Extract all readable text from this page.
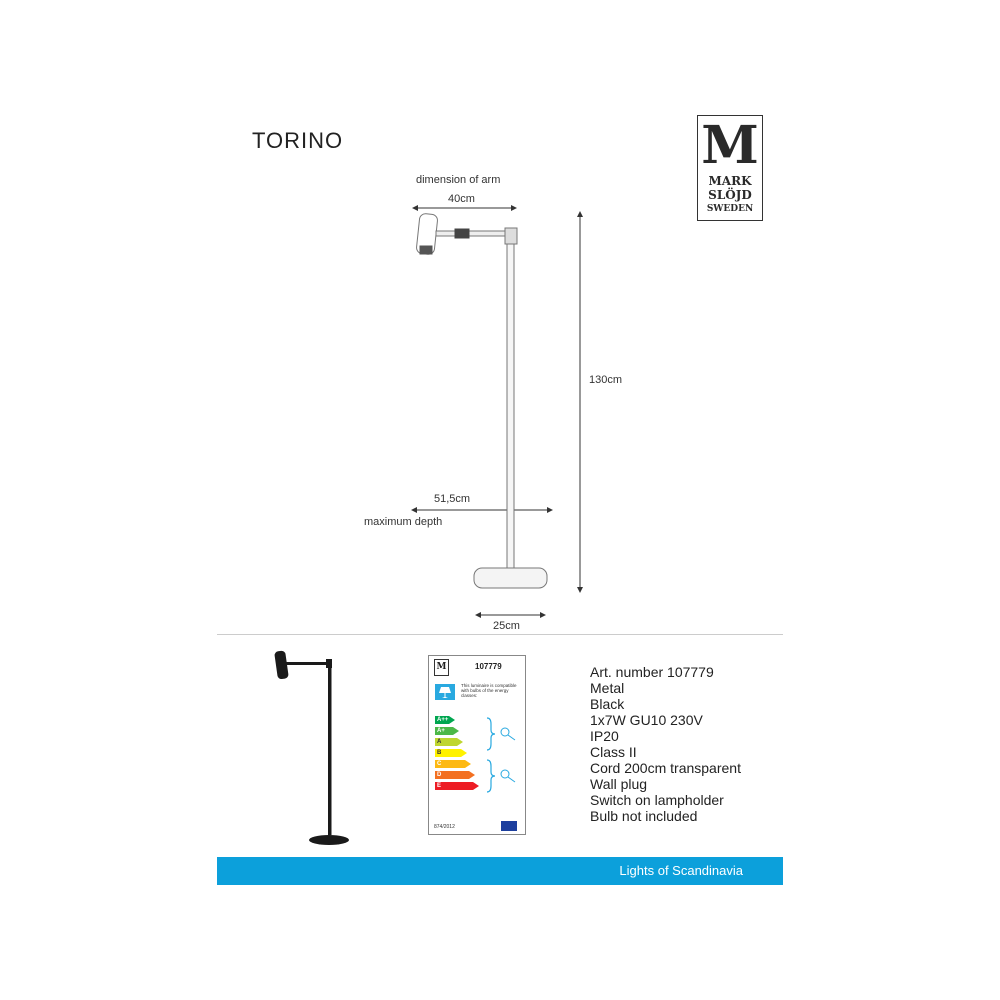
TORINO	M
MARK
SLÖJD
SWEDEN
dimension of arm
40cm
130cm
51,5cm
maximum depth
25cm
M	107779
This luminaire is compatible with bulbs of the energy classes:
A++
A+
A
B
C
D
E
874/2012
Art. number 107779
Metal
Black
1x7W GU10 230V
IP20
Class II
Cord 200cm transparent
Wall plug
Switch on lampholder
Bulb not included
Lights of Scandinavia
